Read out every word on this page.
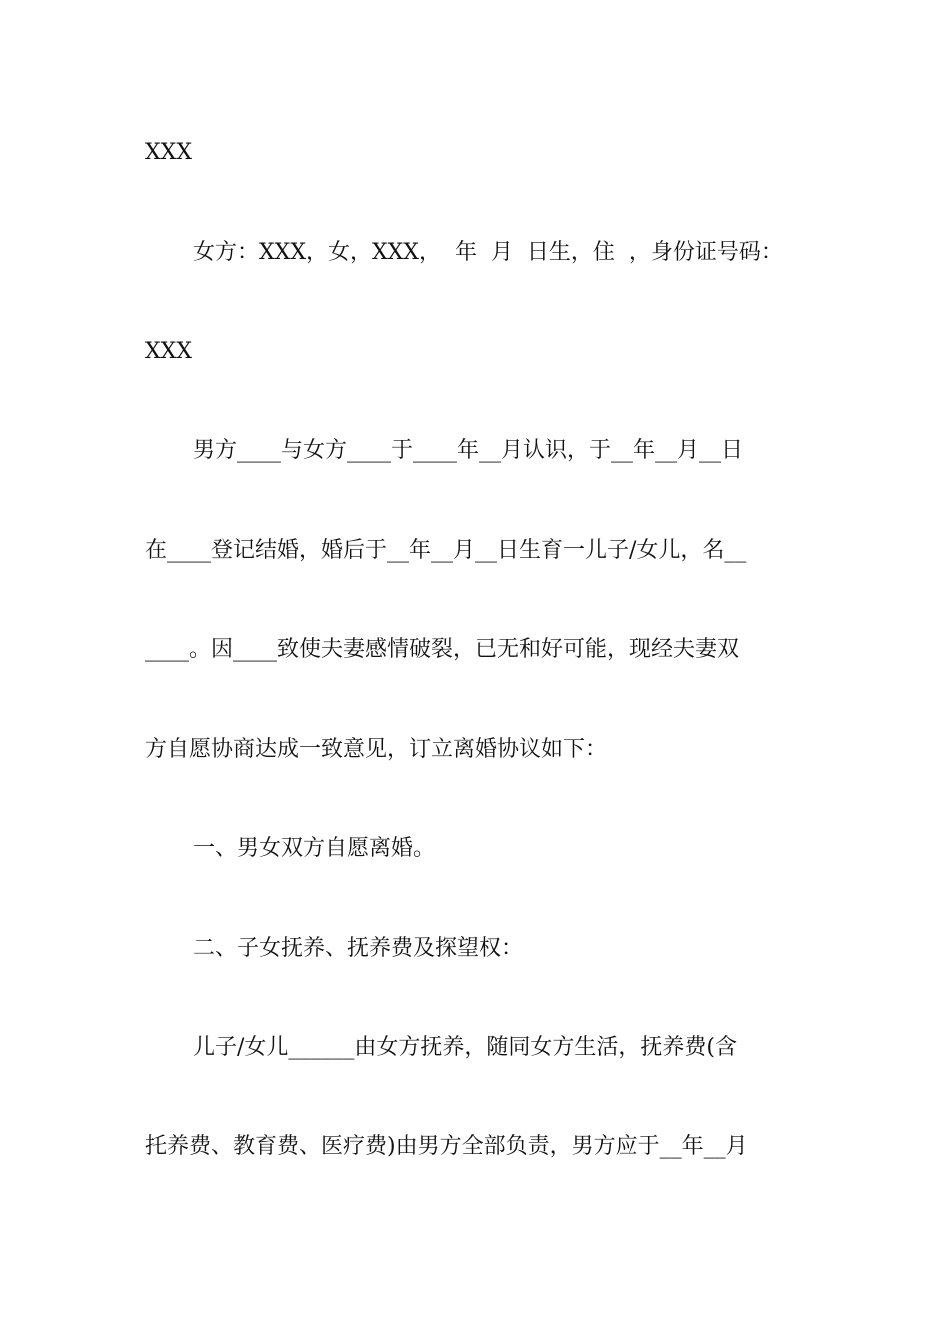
XXX
女方：XXX，女，XXX，  年  月  日生，住  ，身份证号码：
XXX
男方____与女方____于____年__月认识，于__年__月__日
在____登记结婚，婚后于__年__月__日生育一儿子/女儿，名__
____。因____致使夫妻感情破裂，已无和好可能，现经夫妻双
方自愿协商达成一致意见，订立离婚协议如下：
一、男女双方自愿离婚。
二、子女抚养、抚养费及探望权：
儿子/女儿______由女方抚养，随同女方生活，抚养费(含
托养费、教育费、医疗费)由男方全部负责，男方应于__年__月
